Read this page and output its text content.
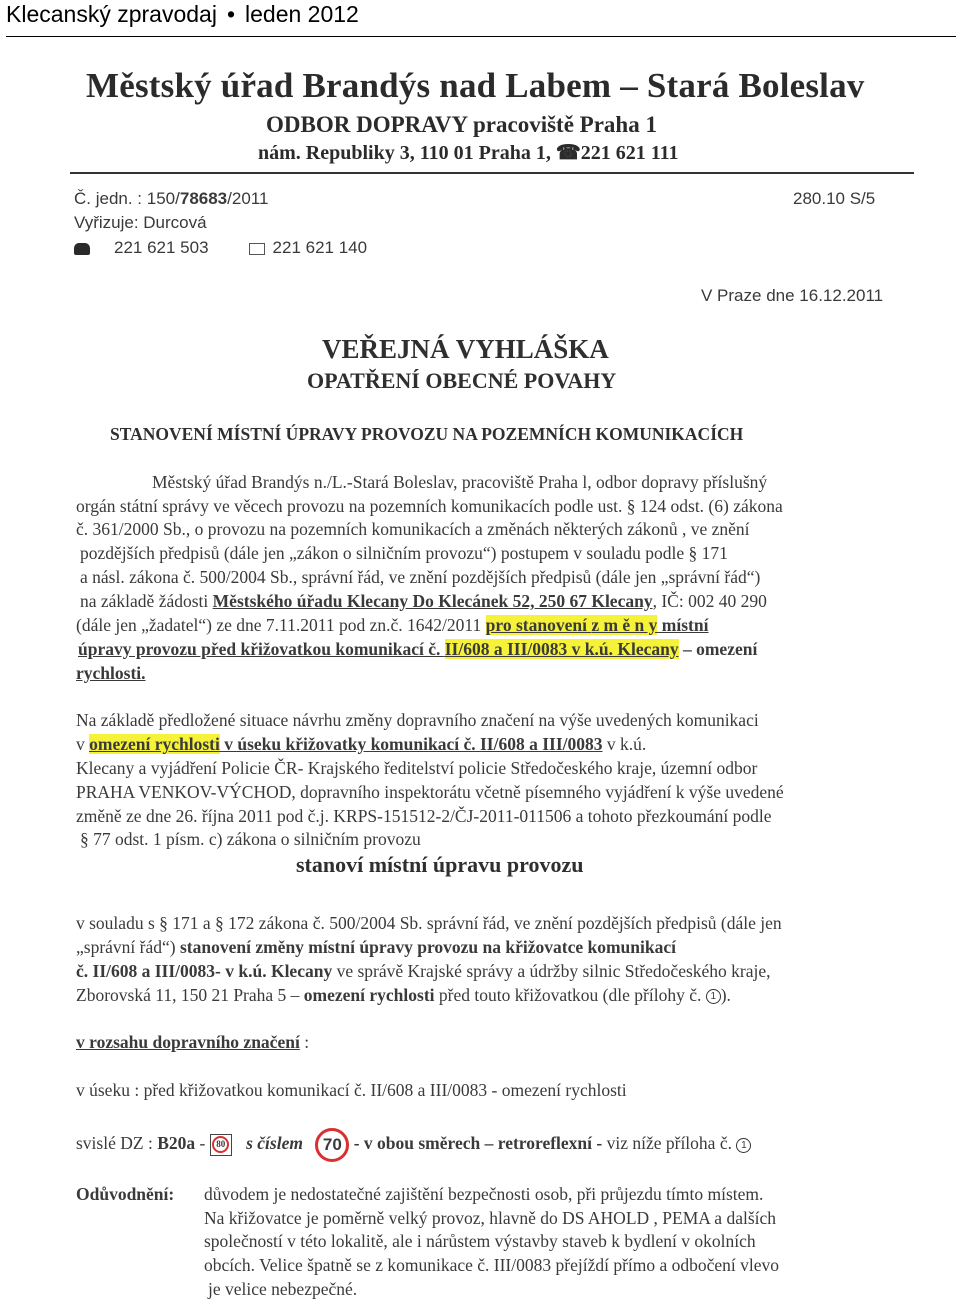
Klecanský zpravodaj • leden 2012
Městský úřad Brandýs nad Labem – Stará Boleslav
ODBOR DOPRAVY pracoviště Praha 1
nám. Republiky 3, 110 01 Praha 1, ☎221 621 111
Č. jedn. : 150/78683/2011	280.10 S/5
Vyřizuje: Durcová
221 621 503	221 621 140
V Praze dne 16.12.2011
VEŘEJNÁ VYHLÁŠKA
OPATŘENÍ OBECNÉ POVAHY
STANOVENÍ MÍSTNÍ ÚPRAVY PROVOZU NA POZEMNÍCH KOMUNIKACÍCH
Městský úřad Brandýs n./L.-Stará Boleslav, pracoviště Praha l, odbor dopravy příslušný
orgán státní správy ve věcech provozu na pozemních komunikacích podle ust. § 124 odst. (6) zákona
č. 361/2000 Sb., o provozu na pozemních komunikacích a změnách některých zákonů , ve znění
pozdějších předpisů (dále jen „zákon o silničním provozu“) postupem v souladu podle § 171
a násl. zákona č. 500/2004 Sb., správní řád, ve znění pozdějších předpisů (dále jen „správní řád“)
na základě žádosti Městského úřadu Klecany Do Klecánek 52, 250 67 Klecany, IČ: 002 40 290
(dále jen „žadatel“) ze dne 7.11.2011 pod zn.č. 1642/2011 pro stanovení z m ě n y místní
úpravy provozu před křižovatkou komunikací č. II/608 a III/0083 v k.ú. Klecany – omezení
rychlosti.
Na základě předložené situace návrhu změny dopravního značení na výše uvedených komunikaci
v omezení rychlosti v úseku křižovatky komunikací č. II/608 a III/0083 v k.ú.
Klecany a vyjádření Policie ČR- Krajského ředitelství policie Středočeského kraje, územní odbor
PRAHA VENKOV-VÝCHOD, dopravního inspektorátu včetně písemného vyjádření k výše uvedené
změně ze dne 26. října 2011 pod č.j. KRPS-151512-2/ČJ-2011-011506 a tohoto přezkoumání podle
§ 77 odst. 1 písm. c) zákona o silničním provozu
stanoví místní úpravu provozu
v souladu s § 171 a § 172 zákona č. 500/2004 Sb. správní řád, ve znění pozdějších předpisů (dále jen
„správní řád“) stanovení změny místní úpravy provozu na křižovatce komunikací
č. II/608 a III/0083- v k.ú. Klecany ve správě Krajské správy a údržby silnic Středočeského kraje,
Zborovská 11, 150 21 Praha 5 – omezení rychlosti před touto křižovatkou (dle přílohy č. 1 ).
v rozsahu dopravního značení :
v úseku : před křižovatkou komunikací č. II/608 a III/0083 - omezení rychlosti
svislé DZ : B20a - 80 s číslem 70 - v obou směrech – retroreflexní - viz níže příloha č. 1
Odůvodnění: důvodem je nedostatečné zajištění bezpečnosti osob, při průjezdu tímto místem.
Na křižovatce je poměrně velký provoz, hlavně do DS AHOLD , PEMA a dalších
společností v této lokalitě, ale i nárůstem výstavby staveb k bydlení v okolních
obcích. Velice špatně se z komunikace č. III/0083 přejíždí přímo a odbočení vlevo
je velice nebezpečné.
